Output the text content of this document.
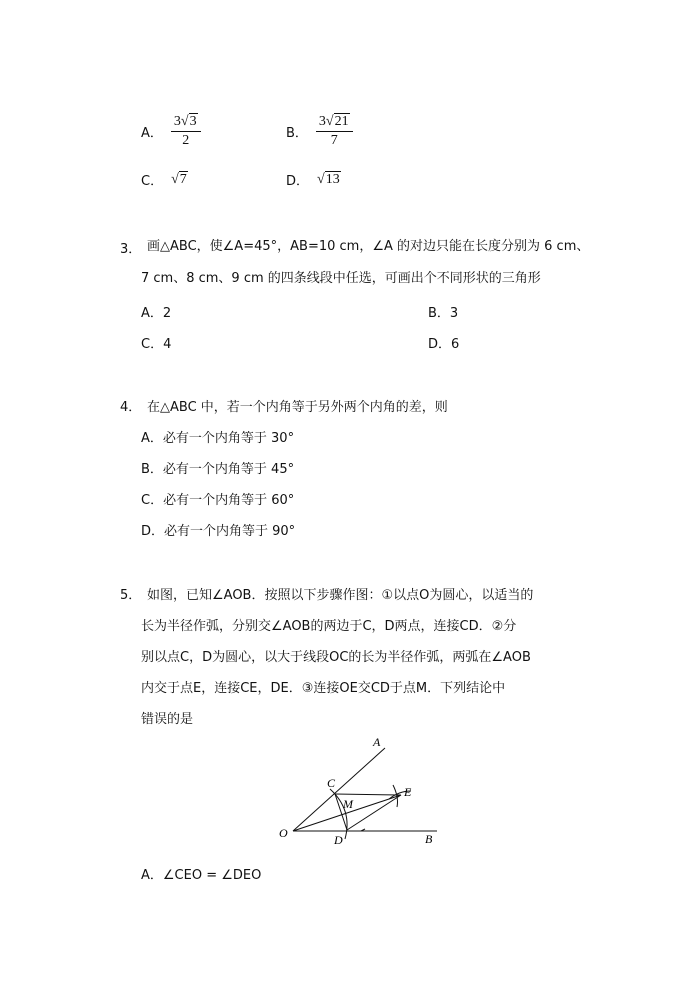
A． $\frac{3√3}{2}$	B． $\frac{3√21}{7}$
C． √7	D． √13
3． 画△ABC，使∠A=45°，AB=10 cm，∠A 的对边只能在长度分别为 6 cm、
7 cm、8 cm、9 cm 的四条线段中任选，可画出个不同形状的三角形
A．2	B．3
C．4	D．6
4． 在△ABC 中，若一个内角等于另外两个内角的差，则
A．必有一个内角等于 30°
B．必有一个内角等于 45°
C．必有一个内角等于 60°
D．必有一个内角等于 90°
5． 如图，已知∠AOB．按照以下步骤作图：①以点O为圆心，以适当的
长为半径作弧，分别交∠AOB的两边于C，D两点，连接CD．②分
别以点C，D为圆心，以大于线段OC的长为半径作弧，两弧在∠AOB
内交于点E，连接CE，DE．③连接OE交CD于点M．下列结论中
错误的是
A
C
E
M
O	D	B
A．∠CEO = ∠DEO
